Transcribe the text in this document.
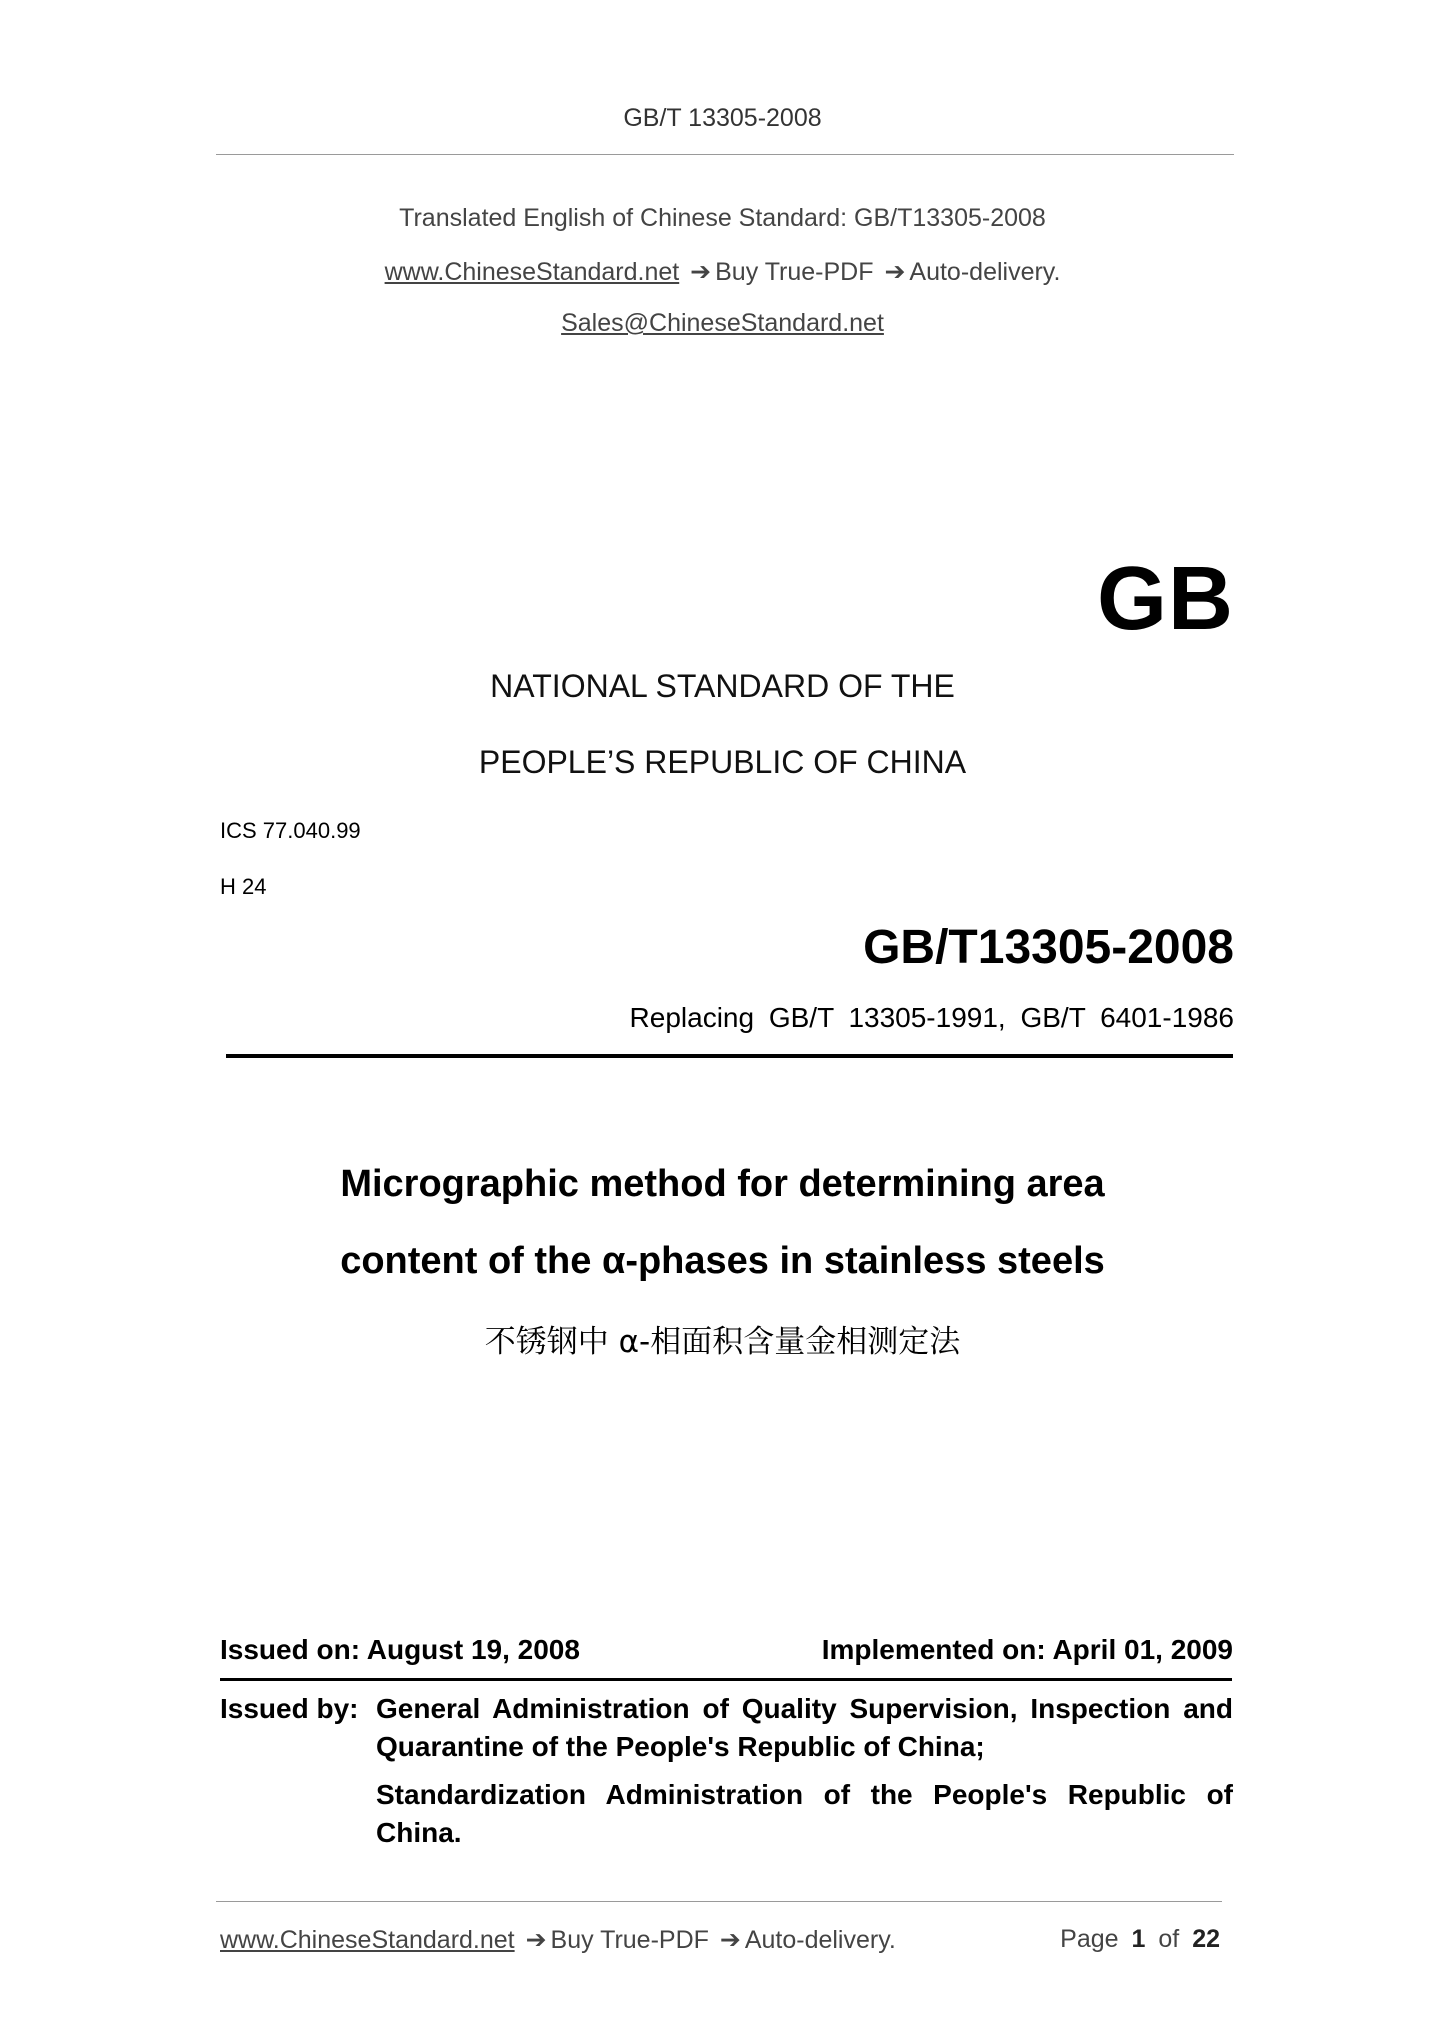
GB/T 13305-2008
Translated English of Chinese Standard: GB/T13305-2008
www.ChineseStandard.net ➔ Buy True-PDF ➔ Auto-delivery.
Sales@ChineseStandard.net
GB
NATIONAL STANDARD OF THE
PEOPLE’S REPUBLIC OF CHINA
ICS 77.040.99
H 24
GB/T13305-2008
Replacing GB/T 13305-1991, GB/T 6401-1986
Micrographic method for determining area
content of the α-phases in stainless steels
不锈钢中 α-相面积含量金相测定法
Issued on: August 19, 2008	Implemented on: April 01, 2009
Issued by: General Administration of Quality Supervision, Inspection and Quarantine of the People's Republic of China;
Standardization Administration of the People's Republic of China.
www.ChineseStandard.net ➔ Buy True-PDF ➔ Auto-delivery.	Page 1 of 22
